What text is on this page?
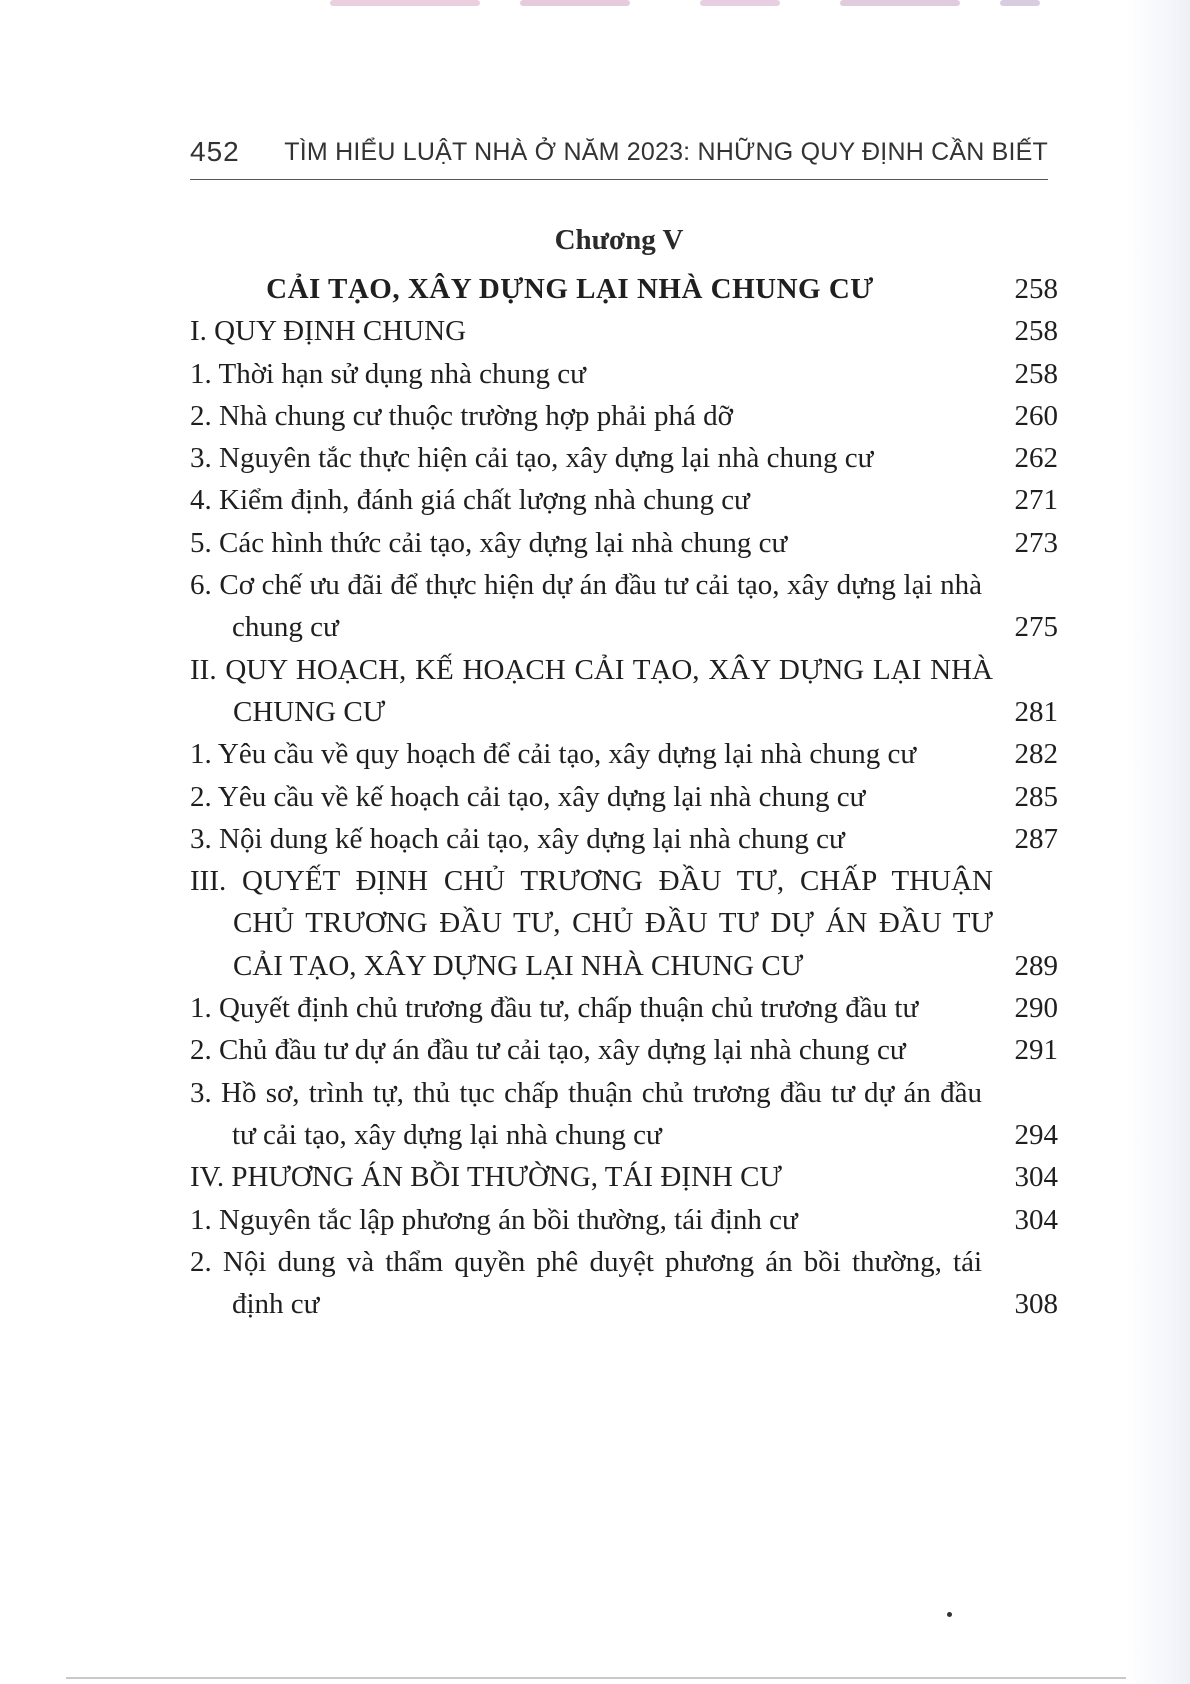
452 TÌM HIỂU LUẬT NHÀ Ở NĂM 2023: NHỮNG QUY ĐỊNH CẦN BIẾT
Chương V
CẢI TẠO, XÂY DỰNG LẠI NHÀ CHUNG CƯ	258
I. QUY ĐỊNH CHUNG	258
1. Thời hạn sử dụng nhà chung cư	258
2. Nhà chung cư thuộc trường hợp phải phá dỡ	260
3. Nguyên tắc thực hiện cải tạo, xây dựng lại nhà chung cư	262
4. Kiểm định, đánh giá chất lượng nhà chung cư	271
5. Các hình thức cải tạo, xây dựng lại nhà chung cư	273
6. Cơ chế ưu đãi để thực hiện dự án đầu tư cải tạo, xây dựng lại nhà chung cư	275
II. QUY HOẠCH, KẾ HOẠCH CẢI TẠO, XÂY DỰNG LẠI NHÀ CHUNG CƯ	281
1. Yêu cầu về quy hoạch để cải tạo, xây dựng lại nhà chung cư	282
2. Yêu cầu về kế hoạch cải tạo, xây dựng lại nhà chung cư	285
3. Nội dung kế hoạch cải tạo, xây dựng lại nhà chung cư	287
III. QUYẾT ĐỊNH CHỦ TRƯƠNG ĐẦU TƯ, CHẤP THUẬN CHỦ TRƯƠNG ĐẦU TƯ, CHỦ ĐẦU TƯ DỰ ÁN ĐẦU TƯ CẢI TẠO, XÂY DỰNG LẠI NHÀ CHUNG CƯ	289
1. Quyết định chủ trương đầu tư, chấp thuận chủ trương đầu tư	290
2. Chủ đầu tư dự án đầu tư cải tạo, xây dựng lại nhà chung cư	291
3. Hồ sơ, trình tự, thủ tục chấp thuận chủ trương đầu tư dự án đầu tư cải tạo, xây dựng lại nhà chung cư	294
IV. PHƯƠNG ÁN BỒI THƯỜNG, TÁI ĐỊNH CƯ	304
1. Nguyên tắc lập phương án bồi thường, tái định cư	304
2. Nội dung và thẩm quyền phê duyệt phương án bồi thường, tái định cư	308
